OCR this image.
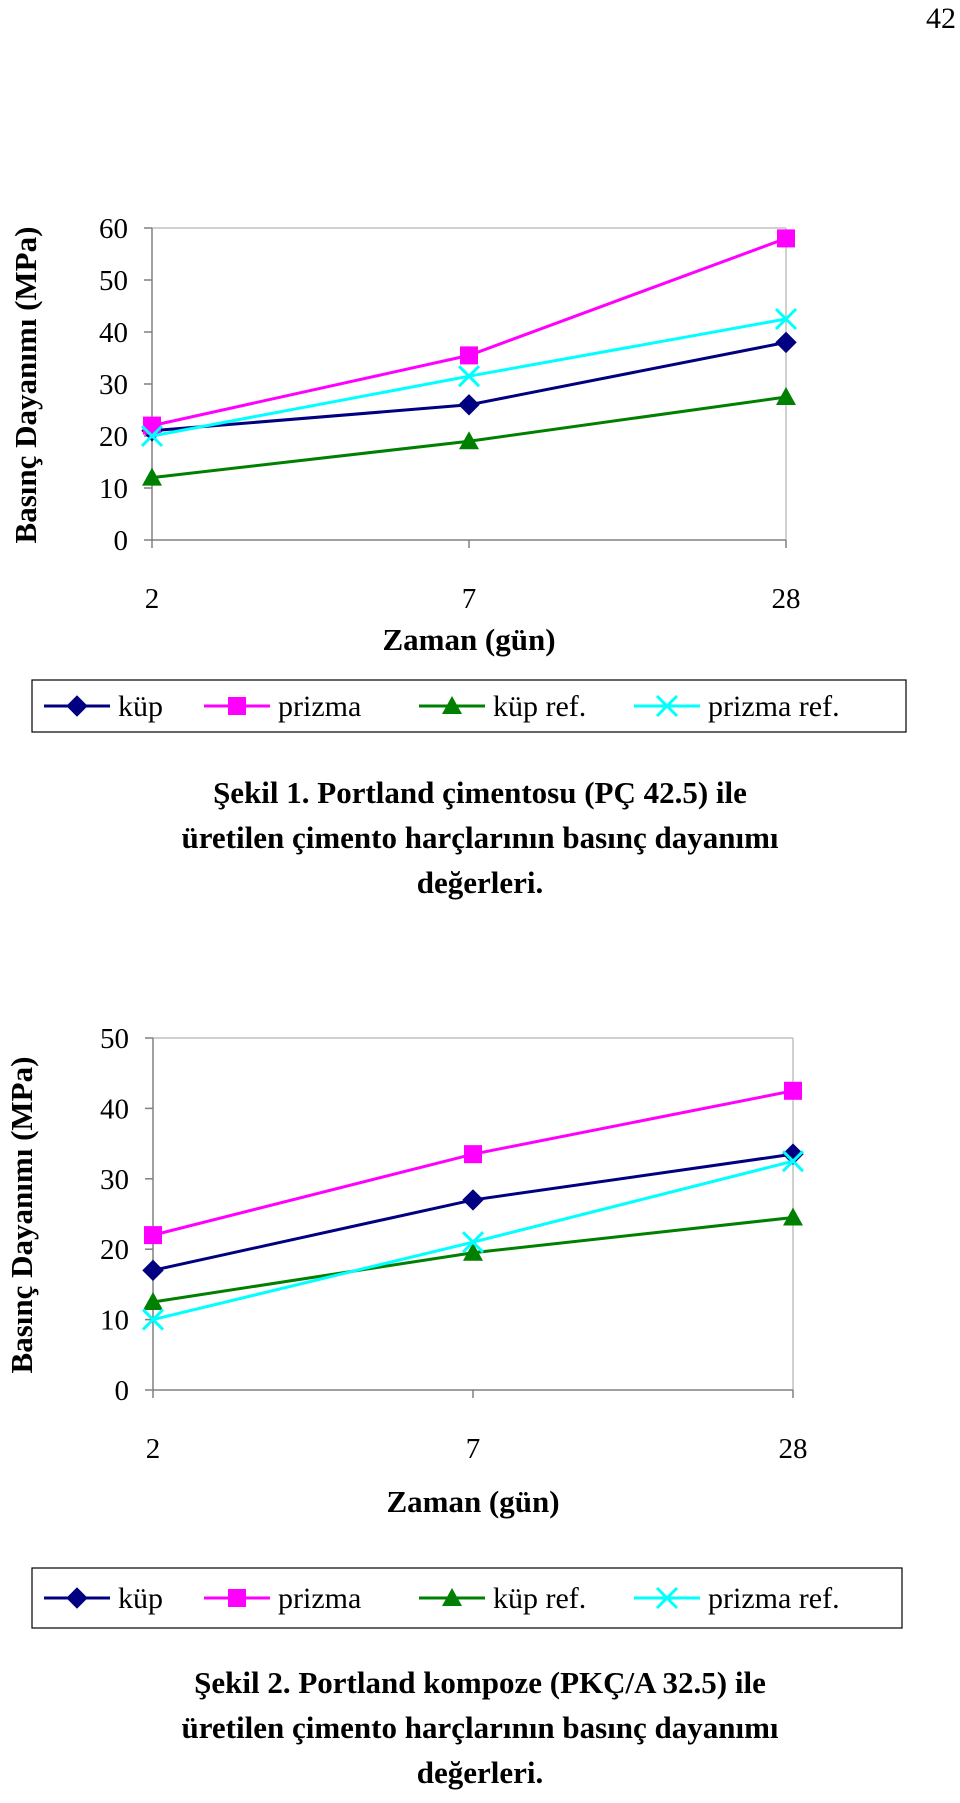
42
0
10
20
30
40
50
60
2	7	28
Zaman (gün)
Basınç Dayanımı (MPa)
küp	prizma	küp ref.	prizma ref.
Şekil 1. Portland çimentosu (PÇ 42.5) ile
üretilen çimento harçlarının basınç dayanımı
değerleri.
0
10
20
30
40
50
2	7	28
Zaman (gün)
Basınç Dayanımı (MPa)
küp	prizma	küp ref.	prizma ref.
Şekil 2. Portland kompoze (PKÇ/A 32.5) ile
üretilen çimento harçlarının basınç dayanımı
değerleri.
